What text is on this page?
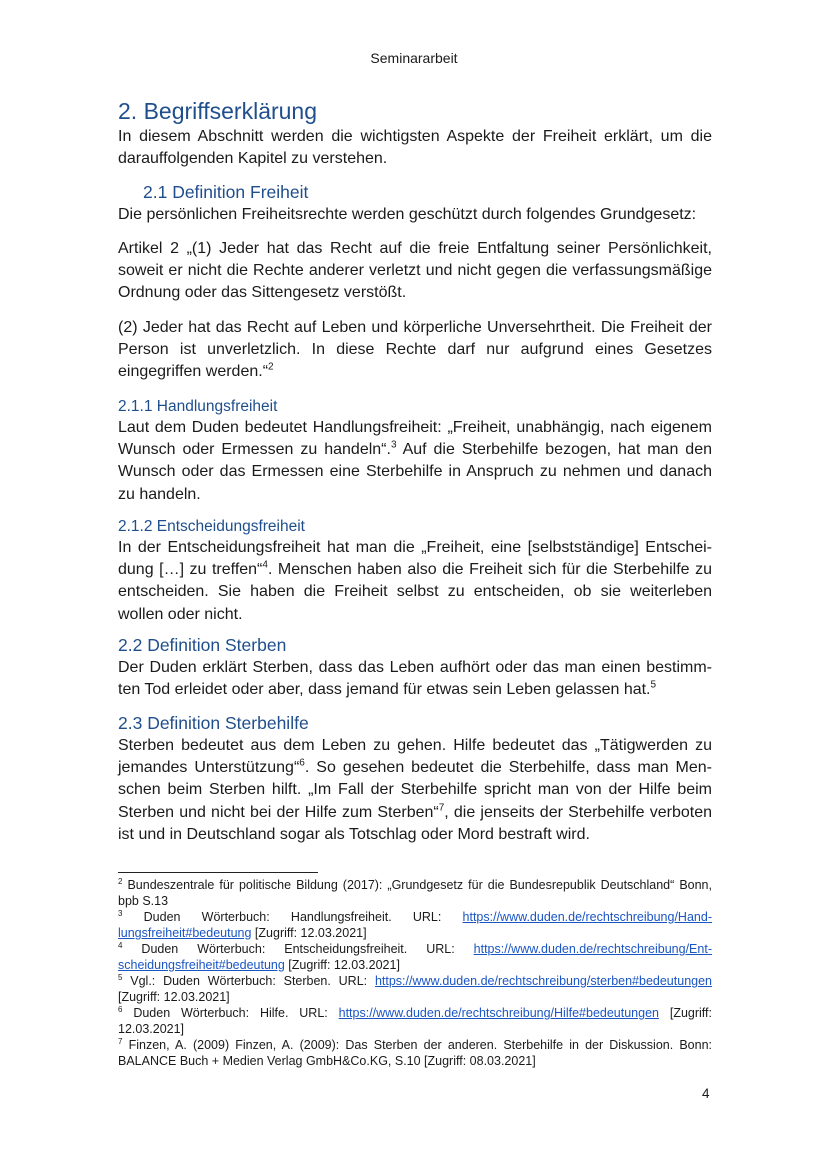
Seminararbeit
2. Begriffserklärung

In diesem Abschnitt werden die wichtigsten Aspekte der Freiheit erklärt, um die darauffolgenden Kapitel zu verstehen.

2.1 Definition Freiheit

Die persönlichen Freiheitsrechte werden geschützt durch folgendes Grundgesetz:

Artikel 2 „(1) Jeder hat das Recht auf die freie Entfaltung seiner Persönlichkeit, soweit er nicht die Rechte anderer verletzt und nicht gegen die verfassungsmäßige Ordnung oder das Sittengesetz verstößt.

(2) Jeder hat das Recht auf Leben und körperliche Unversehrtheit. Die Freiheit der Person ist unverletzlich. In diese Rechte darf nur aufgrund eines Gesetzes eingegriffen werden.“$^2$

2.1.1 Handlungsfreiheit

Laut dem Duden bedeutet Handlungsfreiheit: „Freiheit, unabhängig, nach eigenem Wunsch oder Ermessen zu handeln“.$^3$ Auf die Sterbehilfe bezogen, hat man den Wunsch oder das Ermessen eine Sterbehilfe in Anspruch zu nehmen und danach zu handeln.

2.1.2 Entscheidungsfreiheit

In der Entscheidungsfreiheit hat man die „Freiheit, eine [selbstständige] Entscheidung […] zu treffen“$^4$. Menschen haben also die Freiheit sich für die Sterbehilfe zu entscheiden. Sie haben die Freiheit selbst zu entscheiden, ob sie weiterleben wollen oder nicht.

2.2 Definition Sterben

Der Duden erklärt Sterben, dass das Leben aufhört oder das man einen bestimmten Tod erleidet oder aber, dass jemand für etwas sein Leben gelassen hat.$^5$

2.3 Definition Sterbehilfe

Sterben bedeutet aus dem Leben zu gehen. Hilfe bedeutet das „Tätigwerden zu jemandes Unterstützung“$^6$. So gesehen bedeutet die Sterbehilfe, dass man Menschen beim Sterben hilft. „Im Fall der Sterbehilfe spricht man von der Hilfe beim Sterben und nicht bei der Hilfe zum Sterben“$^7$, die jenseits der Sterbehilfe verboten ist und in Deutschland sogar als Totschlag oder Mord bestraft wird.

$^2$ Bundeszentrale für politische Bildung (2017): „Grundgesetz für die Bundesrepublik Deutschland“ Bonn, bpb S.13

$^3$ Duden Wörterbuch: Handlungsfreiheit. URL: https://www.duden.de/rechtschreibung/Handlungsfreiheit#bedeutung [Zugriff: 12.03.2021]

$^4$ Duden Wörterbuch: Entscheidungsfreiheit. URL: https://www.duden.de/rechtschreibung/Entscheidungsfreiheit#bedeutung [Zugriff: 12.03.2021]

$^5$ Vgl.: Duden Wörterbuch: Sterben. URL: https://www.duden.de/rechtschreibung/sterben#bedeutungen [Zugriff: 12.03.2021]

$^6$ Duden Wörterbuch: Hilfe. URL: https://www.duden.de/rechtschreibung/Hilfe#bedeutungen [Zugriff: 12.03.2021]

$^7$ Finzen, A. (2009) Finzen, A. (2009): Das Sterben der anderen. Sterbehilfe in der Diskussion. Bonn: BALANCE Buch + Medien Verlag GmbH&Co.KG, S.10 [Zugriff: 08.03.2021]

4
